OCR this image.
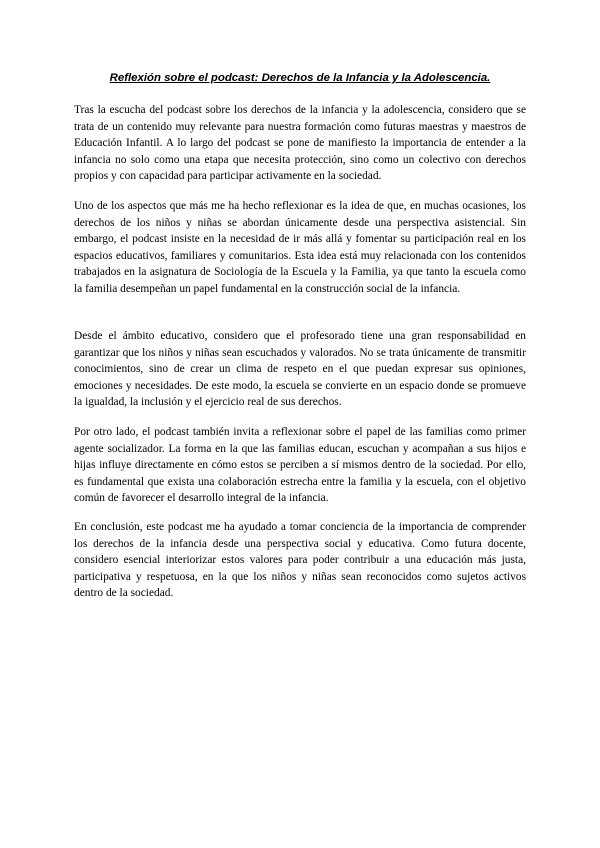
Reflexión sobre el podcast: Derechos de la Infancia y la Adolescencia.

Tras la escucha del podcast sobre los derechos de la infancia y la adolescencia, considero que se trata de un contenido muy relevante para nuestra formación como futuras maestras y maestros de Educación Infantil. A lo largo del podcast se pone de manifiesto la importancia de entender a la infancia no solo como una etapa que necesita protección, sino como un colectivo con derechos propios y con capacidad para participar activamente en la sociedad.

Uno de los aspectos que más me ha hecho reflexionar es la idea de que, en muchas ocasiones, los derechos de los niños y niñas se abordan únicamente desde una perspectiva asistencial. Sin embargo, el podcast insiste en la necesidad de ir más allá y fomentar su participación real en los espacios educativos, familiares y comunitarios. Esta idea está muy relacionada con los contenidos trabajados en la asignatura de Sociología de la Escuela y la Familia, ya que tanto la escuela como la familia desempeñan un papel fundamental en la construcción social de la infancia.

Desde el ámbito educativo, considero que el profesorado tiene una gran responsabilidad en garantizar que los niños y niñas sean escuchados y valorados. No se trata únicamente de transmitir conocimientos, sino de crear un clima de respeto en el que puedan expresar sus opiniones, emociones y necesidades. De este modo, la escuela se convierte en un espacio donde se promueve la igualdad, la inclusión y el ejercicio real de sus derechos.

Por otro lado, el podcast también invita a reflexionar sobre el papel de las familias como primer agente socializador. La forma en la que las familias educan, escuchan y acompañan a sus hijos e hijas influye directamente en cómo estos se perciben a sí mismos dentro de la sociedad. Por ello, es fundamental que exista una colaboración estrecha entre la familia y la escuela, con el objetivo común de favorecer el desarrollo integral de la infancia.

En conclusión, este podcast me ha ayudado a tomar conciencia de la importancia de comprender los derechos de la infancia desde una perspectiva social y educativa. Como futura docente, considero esencial interiorizar estos valores para poder contribuir a una educación más justa, participativa y respetuosa, en la que los niños y niñas sean reconocidos como sujetos activos dentro de la sociedad.
